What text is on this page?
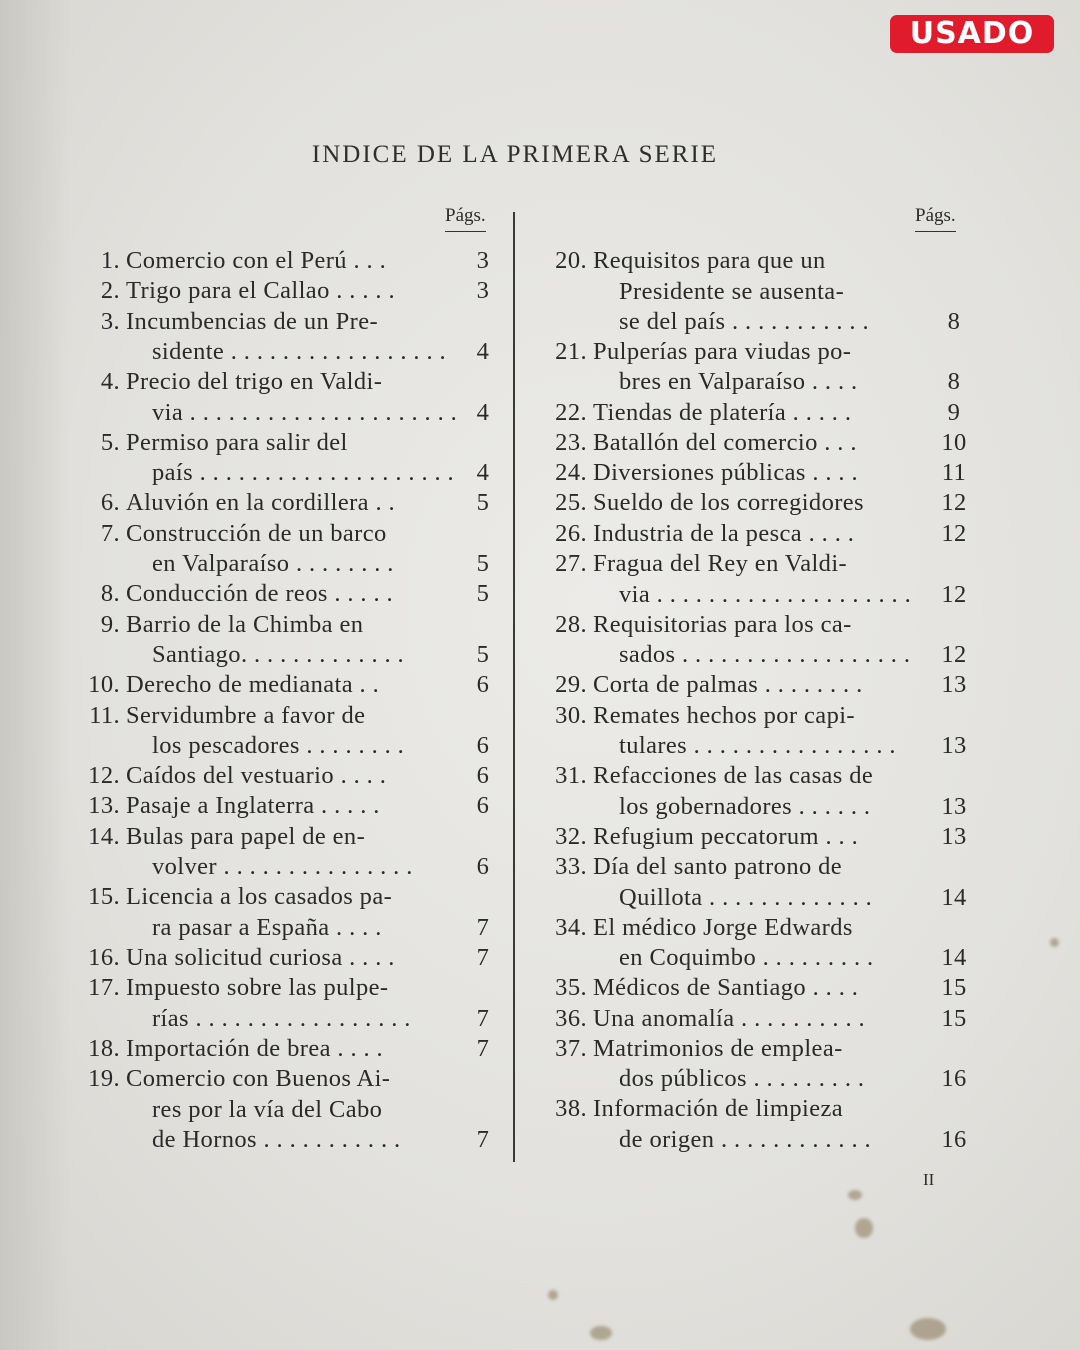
USADO
INDICE DE LA PRIMERA SERIE
Págs.
1. Comercio con el Perú . . .	3
2. Trigo para el Callao . . . . .	3
3. Incumbencias de un Pre-
sidente . . . . . . . . . . . . . . . . .	4
4. Precio del trigo en Valdi-
via . . . . . . . . . . . . . . . . . . . . . 4
5. Permiso para salir del
país . . . . . . . . . . . . . . . . . . . . 4
6. Aluvión en la cordillera . .	5
7. Construcción de un barco
en Valparaíso . . . . . . . .	5
8. Conducción de reos . . . . .	5
9. Barrio de la Chimba en
Santiago. . . . . . . . . . . . .	5
10. Derecho de medianata . .	6
11. Servidumbre a favor de
los pescadores . . . . . . . .	6
12. Caídos del vestuario . . . .	6
13. Pasaje a Inglaterra . . . . .	6
14. Bulas para papel de en-
volver . . . . . . . . . . . . . . .	6
15. Licencia a los casados pa-
ra pasar a España . . . .	7
16. Una solicitud curiosa . . . .	7
17. Impuesto sobre las pulpe-
rías . . . . . . . . . . . . . . . . .	7
18. Importación de brea . . . .	7
19. Comercio con Buenos Ai-
res por la vía del Cabo
de Hornos . . . . . . . . . . .	7
Págs.
20. Requisitos para que un
Presidente se ausenta-
se del país . . . . . . . . . . .	8
21. Pulperías para viudas po-
bres en Valparaíso . . . .	8
22. Tiendas de platería . . . . .	9
23. Batallón del comercio . . .	10
24. Diversiones públicas . . . .	11
25. Sueldo de los corregidores	12
26. Industria de la pesca . . . .	12
27. Fragua del Rey en Valdi-
via . . . . . . . . . . . . . . . . . . . .	12
28. Requisitorias para los ca-
sados . . . . . . . . . . . . . . . . . .	12
29. Corta de palmas . . . . . . . .	13
30. Remates hechos por capi-
tulares . . . . . . . . . . . . . . . .	13
31. Refacciones de las casas de
los gobernadores . . . . . .	13
32. Refugium peccatorum . . .	13
33. Día del santo patrono de
Quillota . . . . . . . . . . . . .	14
34. El médico Jorge Edwards
en Coquimbo . . . . . . . . .	14
35. Médicos de Santiago . . . .	15
36. Una anomalía . . . . . . . . . .	15
37. Matrimonios de emplea-
dos públicos . . . . . . . . .	16
38. Información de limpieza
de origen . . . . . . . . . . . .	16
II
